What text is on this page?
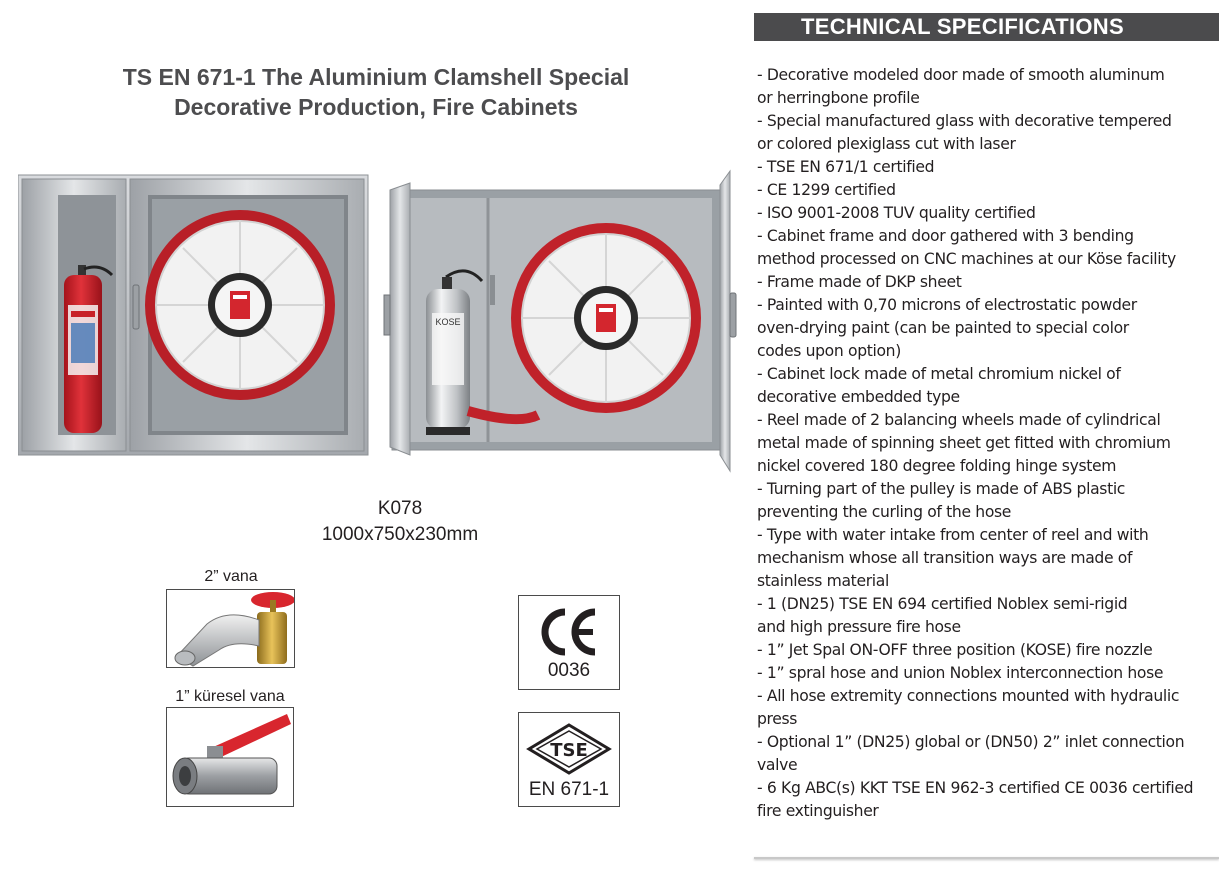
TS EN 671-1 The Aluminium Clamshell Special
Decorative Production, Fire Cabinets
KOSE
K078
1000x750x230mm
2” vana
1” küresel vana
0036
TSE
EN 671-1
TECHNICAL SPECIFICATIONS
- Decorative modeled door made of smooth aluminum
or herringbone profile
- Special manufactured glass with decorative tempered
or colored plexiglass cut with laser
- TSE EN 671/1 certified
- CE 1299 certified
- ISO 9001-2008 TUV quality certified
- Cabinet frame and door gathered with 3 bending
method processed on CNC machines at our Köse facility
- Frame made of DKP sheet
- Painted with 0,70 microns of electrostatic powder
oven-drying paint (can be painted to special color
codes upon option)
- Cabinet lock made of metal chromium nickel of
decorative embedded type
- Reel made of 2 balancing wheels made of cylindrical
metal made of spinning sheet get fitted with chromium
nickel covered 180 degree folding hinge system
- Turning part of the pulley is made of ABS plastic
preventing the curling of the hose
- Type with water intake from center of reel and with
mechanism whose all transition ways are made of
stainless material
- 1 (DN25) TSE EN 694 certified Noblex semi-rigid
and high pressure fire hose
- 1” Jet Spal ON-OFF three position (KOSE) fire nozzle
- 1” spral hose and union Noblex interconnection hose
- All hose extremity connections mounted with hydraulic
press
- Optional 1” (DN25) global or (DN50) 2” inlet connection
valve
- 6 Kg ABC(s) KKT TSE EN 962-3 certified CE 0036 certified
fire extinguisher
